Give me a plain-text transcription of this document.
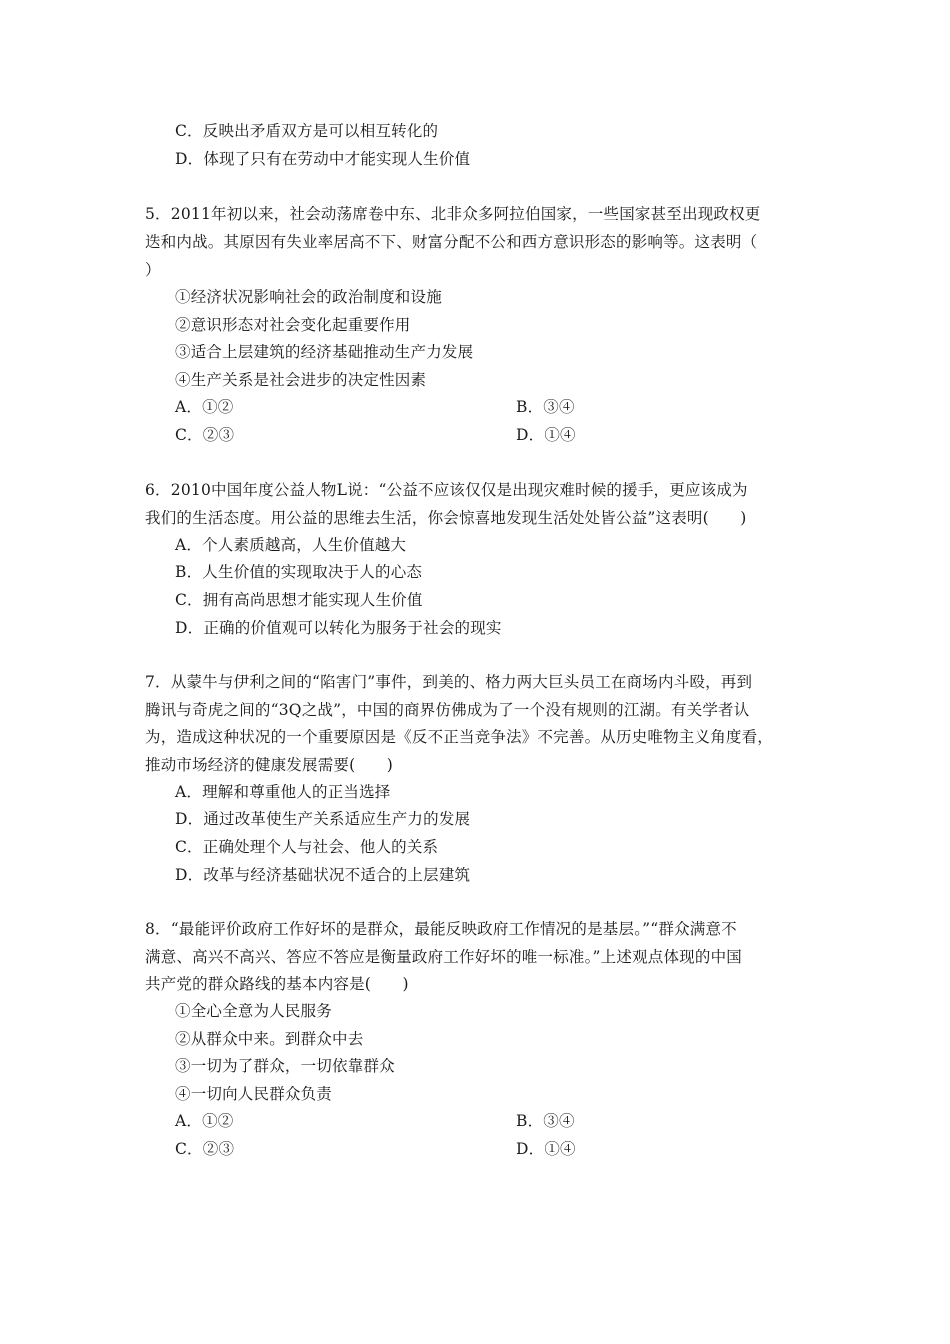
C．反映出矛盾双方是可以相互转化的
D．体现了只有在劳动中才能实现人生价值
5．2011年初以来，社会动荡席卷中东、北非众多阿拉伯国家，一些国家甚至出现政权更
迭和内战。其原因有失业率居高不下、财富分配不公和西方意识形态的影响等。这表明（
）
①经济状况影响社会的政治制度和设施
②意识形态对社会变化起重要作用
③适合上层建筑的经济基础推动生产力发展
④生产关系是社会进步的决定性因素
A．①②	B．③④
C．②③	D．①④
6．2010中国年度公益人物L说：“公益不应该仅仅是出现灾难时候的援手，更应该成为
我们的生活态度。用公益的思维去生活，你会惊喜地发现生活处处皆公益”这表明(　　)
A．个人素质越高，人生价值越大
B．人生价值的实现取决于人的心态
C．拥有高尚思想才能实现人生价值
D．正确的价值观可以转化为服务于社会的现实
7．从蒙牛与伊利之间的“陷害门”事件，到美的、格力两大巨头员工在商场内斗殴，再到
腾讯与奇虎之间的“3Q之战”，中国的商界仿佛成为了一个没有规则的江湖。有关学者认
为，造成这种状况的一个重要原因是《反不正当竞争法》不完善。从历史唯物主义角度看，
推动市场经济的健康发展需要(　　)
A．理解和尊重他人的正当选择
D．通过改革使生产关系适应生产力的发展
C．正确处理个人与社会、他人的关系
D．改革与经济基础状况不适合的上层建筑
8．“最能评价政府工作好坏的是群众，最能反映政府工作情况的是基层。”“群众满意不
满意、高兴不高兴、答应不答应是衡量政府工作好坏的唯一标准。”上述观点体现的中国
共产党的群众路线的基本内容是(　　)
①全心全意为人民服务
②从群众中来。到群众中去
③一切为了群众，一切依靠群众
④一切向人民群众负责
A．①②	B．③④
C．②③	D．①④
